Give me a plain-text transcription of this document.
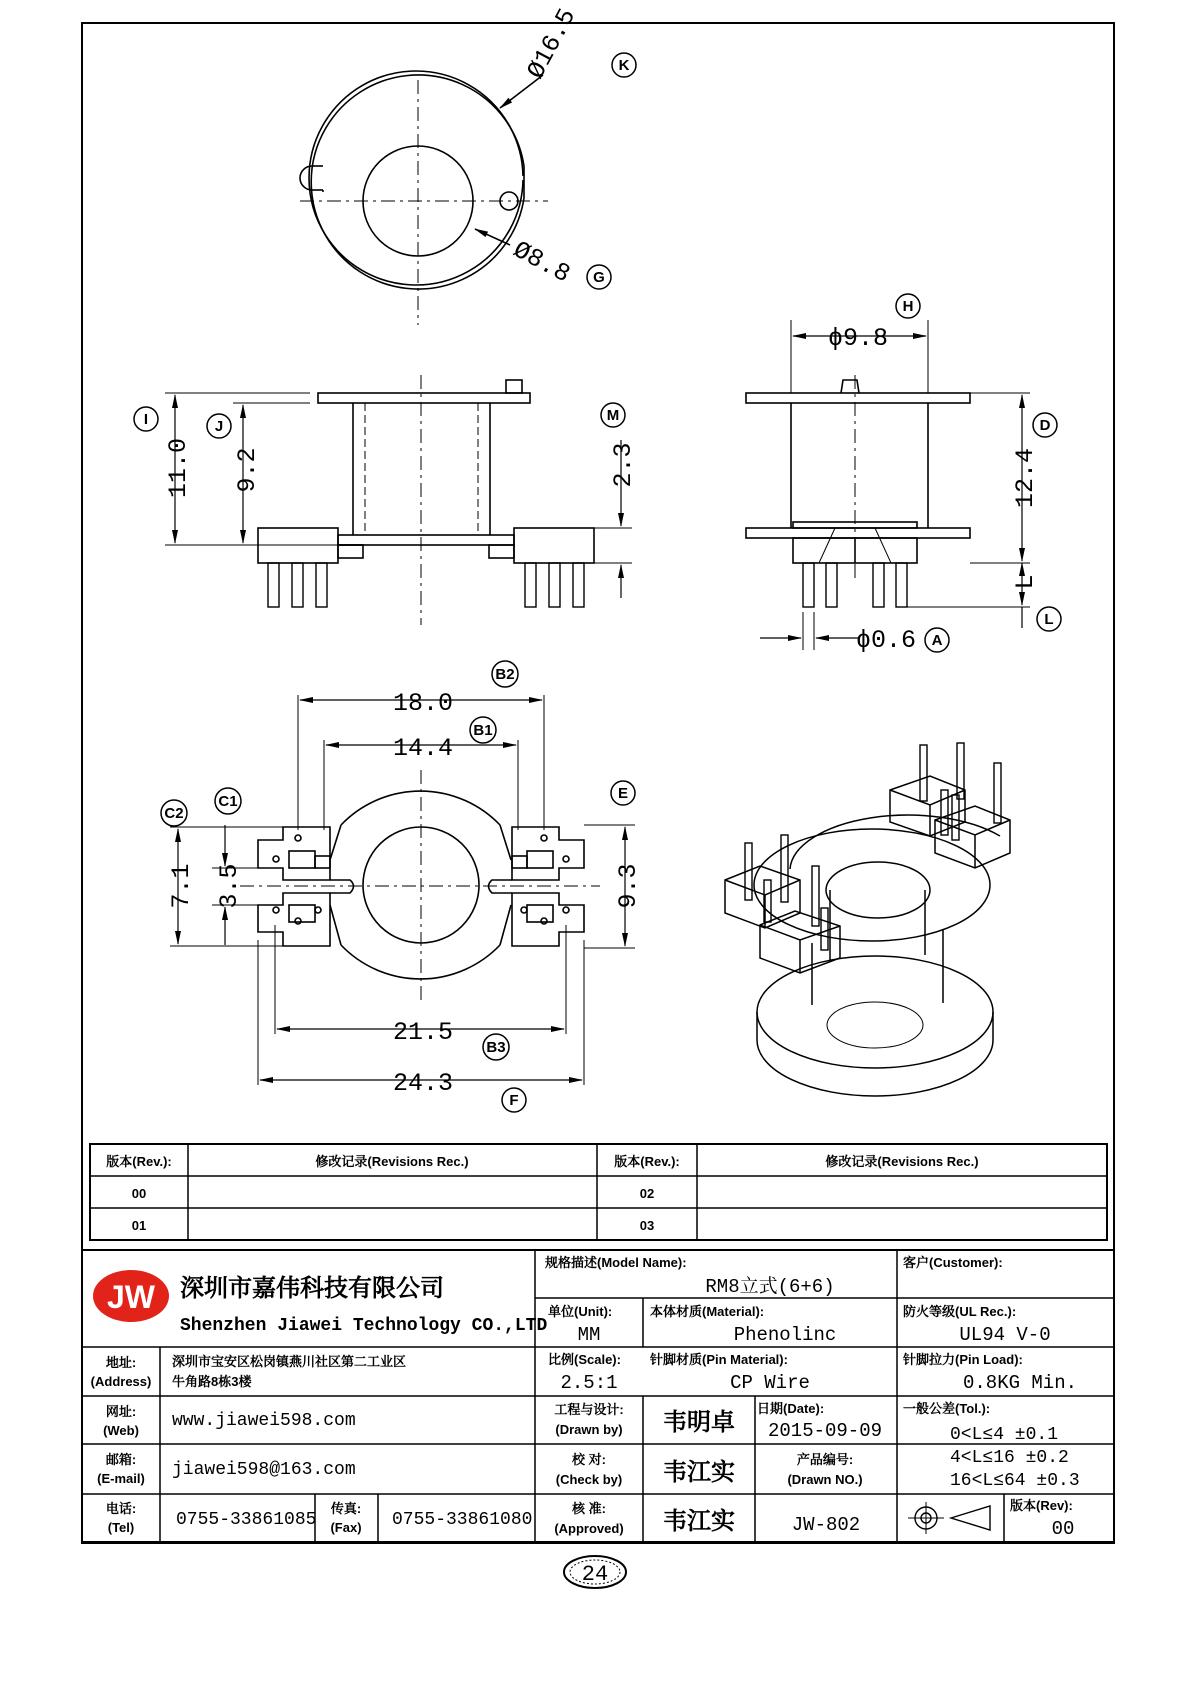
Ø16.5 K
Ø8.8 G
11.0
I
9.2
J
2.3
M
ϕ9.8
H
12.4
D
L
L
ϕ0.6 A
18.0
B2
14.4
B1
7.1
C2
3.5
C1
9.3
E
21.5
B3
24.3
F
版本(Rev.):	修改记录(Revisions Rec.)	版本(Rev.):	修改记录(Revisions Rec.)
00	02
01	03
JW 深圳市嘉伟科技有限公司
Shenzhen Jiawei Technology CO.,LTD
地址:
(Address)
深圳市宝安区松岗镇燕川社区第二工业区
牛角路8栋3楼
网址:
(Web) www.jiawei598.com
邮箱:
(E-mail) jiawei598@163.com
电话:
(Tel) 0755-33861085
传真:
(Fax) 0755-33861080
规格描述(Model Name):
RM8立式(6+6)
客户(Customer):
单位(Unit):
MM
本体材质(Material):
Phenolinc
防火等级(UL Rec.):
UL94 V-0
比例(Scale):
2.5:1
针脚材质(Pin Material):
CP Wire
针脚拉力(Pin Load):
0.8KG Min.
工程与设计:
(Drawn by) 韦明卓 日期(Date):
2015-09-09
一般公差(Tol.):
0<L≤4 ±0.1
4<L≤16 ±0.2
16<L≤64 ±0.3
校 对:
(Check by) 韦江实	产品编号:
(Drawn NO.)
核 准:
(Approved) 韦江实	JW-802
版本(Rev):
00
24
